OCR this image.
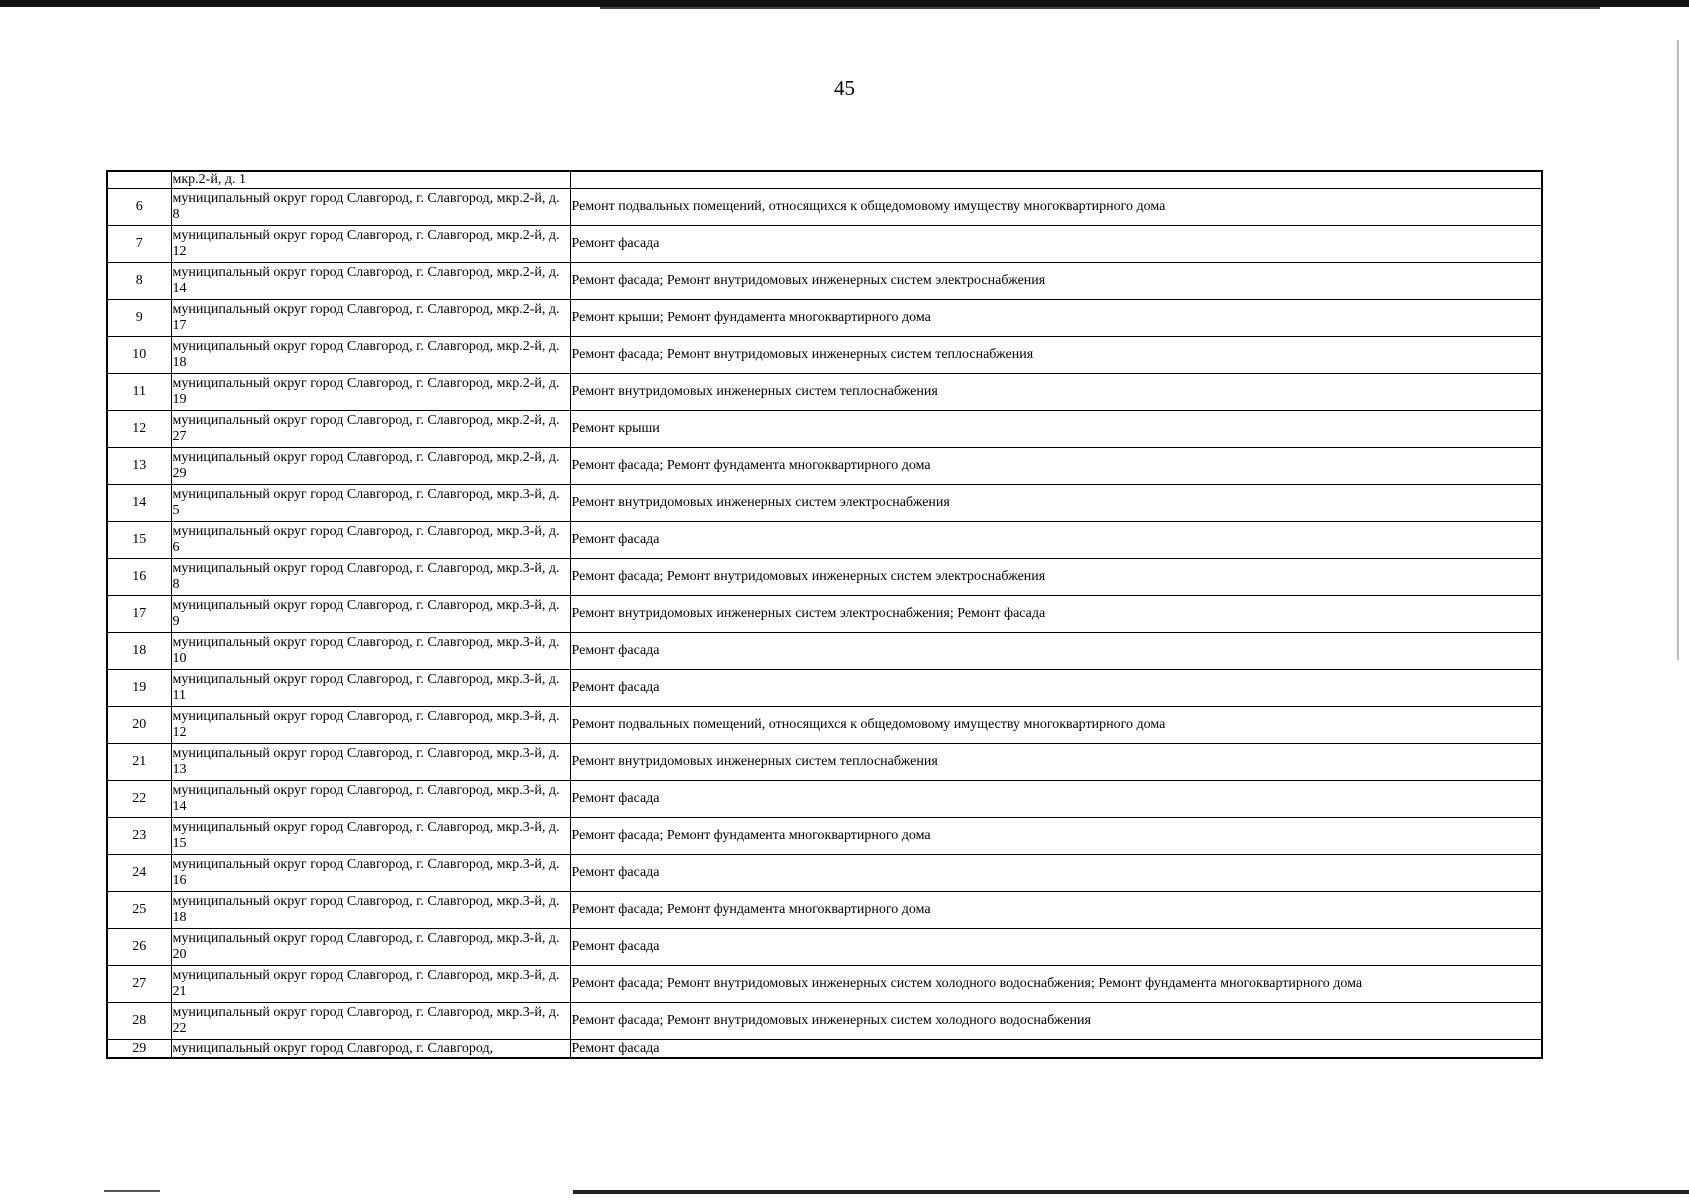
45
	мкр.2-й, д. 1	
6	муниципальный округ город Славгород, г. Славгород, мкр.2-й, д. 8	Ремонт подвальных помещений, относящихся к общедомовому имуществу многоквартирного дома
7	муниципальный округ город Славгород, г. Славгород, мкр.2-й, д. 12	Ремонт фасада
8	муниципальный округ город Славгород, г. Славгород, мкр.2-й, д. 14	Ремонт фасада; Ремонт внутридомовых инженерных систем электроснабжения
9	муниципальный округ город Славгород, г. Славгород, мкр.2-й, д. 17	Ремонт крыши; Ремонт фундамента многоквартирного дома
10	муниципальный округ город Славгород, г. Славгород, мкр.2-й, д. 18	Ремонт фасада; Ремонт внутридомовых инженерных систем теплоснабжения
11	муниципальный округ город Славгород, г. Славгород, мкр.2-й, д. 19	Ремонт внутридомовых инженерных систем теплоснабжения
12	муниципальный округ город Славгород, г. Славгород, мкр.2-й, д. 27	Ремонт крыши
13	муниципальный округ город Славгород, г. Славгород, мкр.2-й, д. 29	Ремонт фасада; Ремонт фундамента многоквартирного дома
14	муниципальный округ город Славгород, г. Славгород, мкр.3-й, д. 5	Ремонт внутридомовых инженерных систем электроснабжения
15	муниципальный округ город Славгород, г. Славгород, мкр.3-й, д. 6	Ремонт фасада
16	муниципальный округ город Славгород, г. Славгород, мкр.3-й, д. 8	Ремонт фасада; Ремонт внутридомовых инженерных систем электроснабжения
17	муниципальный округ город Славгород, г. Славгород, мкр.3-й, д. 9	Ремонт внутридомовых инженерных систем электроснабжения; Ремонт фасада
18	муниципальный округ город Славгород, г. Славгород, мкр.3-й, д. 10	Ремонт фасада
19	муниципальный округ город Славгород, г. Славгород, мкр.3-й, д. 11	Ремонт фасада
20	муниципальный округ город Славгород, г. Славгород, мкр.3-й, д. 12	Ремонт подвальных помещений, относящихся к общедомовому имуществу многоквартирного дома
21	муниципальный округ город Славгород, г. Славгород, мкр.3-й, д. 13	Ремонт внутридомовых инженерных систем теплоснабжения
22	муниципальный округ город Славгород, г. Славгород, мкр.3-й, д. 14	Ремонт фасада
23	муниципальный округ город Славгород, г. Славгород, мкр.3-й, д. 15	Ремонт фасада; Ремонт фундамента многоквартирного дома
24	муниципальный округ город Славгород, г. Славгород, мкр.3-й, д. 16	Ремонт фасада
25	муниципальный округ город Славгород, г. Славгород, мкр.3-й, д. 18	Ремонт фасада; Ремонт фундамента многоквартирного дома
26	муниципальный округ город Славгород, г. Славгород, мкр.3-й, д. 20	Ремонт фасада
27	муниципальный округ город Славгород, г. Славгород, мкр.3-й, д. 21	Ремонт фасада; Ремонт внутридомовых инженерных систем холодного водоснабжения; Ремонт фундамента многоквартирного дома
28	муниципальный округ город Славгород, г. Славгород, мкр.3-й, д. 22	Ремонт фасада; Ремонт внутридомовых инженерных систем холодного водоснабжения
29	муниципальный округ город Славгород, г. Славгород,	Ремонт фасада
